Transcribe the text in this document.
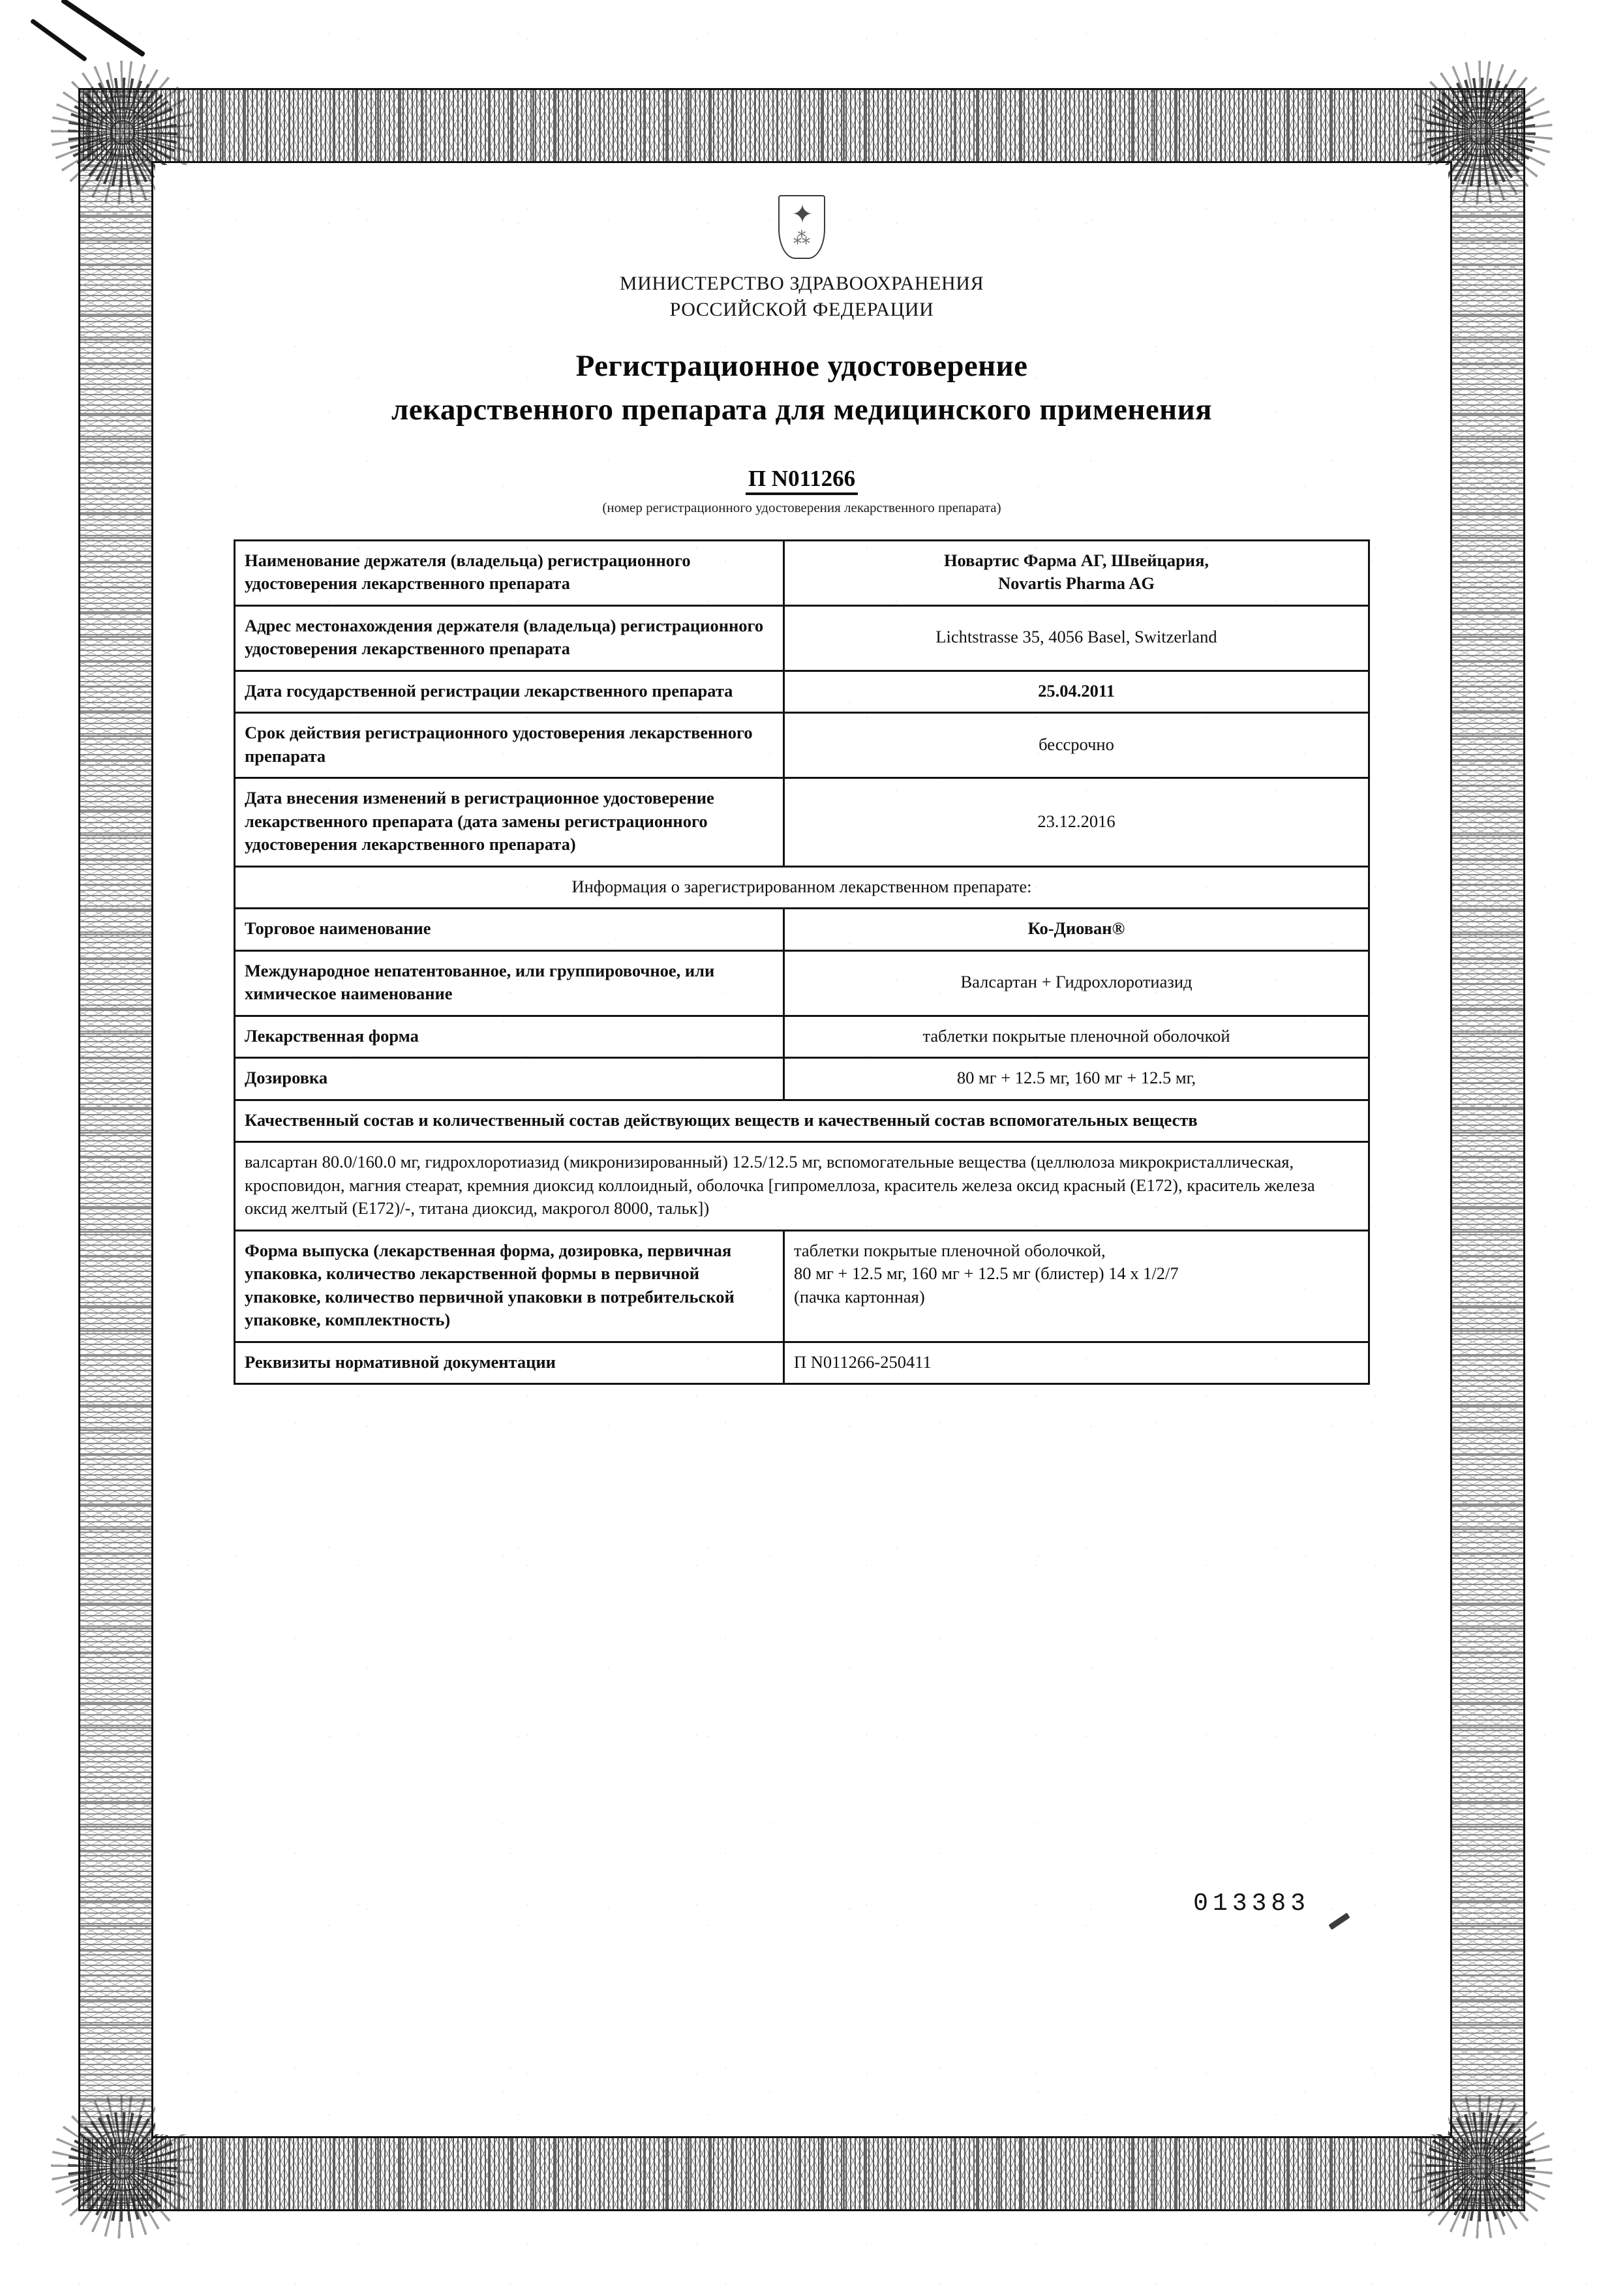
✦
⁂
МИНИСТЕРСТВО ЗДРАВООХРАНЕНИЯ
РОССИЙСКОЙ ФЕДЕРАЦИИ
Регистрационное удостоверение
лекарственного препарата для медицинского применения
П N011266
(номер регистрационного удостоверения лекарственного препарата)
Наименование держателя (владельца) регистрационного удостоверения лекарственного препарата	Новартис Фарма АГ, Швейцария,
Novartis Pharma AG

Адрес местонахождения держателя (владельца) регистрационного удостоверения лекарственного препарата	Lichtstrasse 35, 4056 Basel, Switzerland
Дата государственной регистрации лекарственного препарата	25.04.2011
Срок действия регистрационного удостоверения лекарственного препарата	бессрочно
Дата внесения изменений в регистрационное удостоверение лекарственного препарата (дата замены регистрационного удостоверения лекарственного препарата)	23.12.2016
Информация о зарегистрированном лекарственном препарате:	
Торговое наименование	Ко-Диован®
Международное непатентованное, или группировочное, или химическое наименование	Валсартан + Гидрохлоротиазид
Лекарственная форма	таблетки покрытые пленочной оболочкой
Дозировка	80 мг + 12.5 мг, 160 мг + 12.5 мг,
Качественный состав и количественный состав действующих веществ и качественный состав вспомогательных веществ	
валсартан 80.0/160.0 мг, гидрохлоротиазид (микронизированный) 12.5/12.5 мг, вспомогательные вещества (целлюлоза микрокристаллическая, кросповидон, магния стеарат, кремния диоксид коллоидный, оболочка [гипромеллоза, краситель железа оксид красный (E172), краситель железа оксид желтый (E172)/-, титана диоксид, макрогол 8000, тальк])	
Форма выпуска (лекарственная форма, дозировка, первичная упаковка, количество лекарственной формы в первичной упаковке, количество первичной упаковки в потребительской упаковке, комплектность)	таблетки покрытые пленочной оболочкой,
80 мг + 12.5 мг, 160 мг + 12.5 мг (блистер) 14 х 1/2/7
(пачка картонная)

Реквизиты нормативной документации	П N011266-250411
013383
